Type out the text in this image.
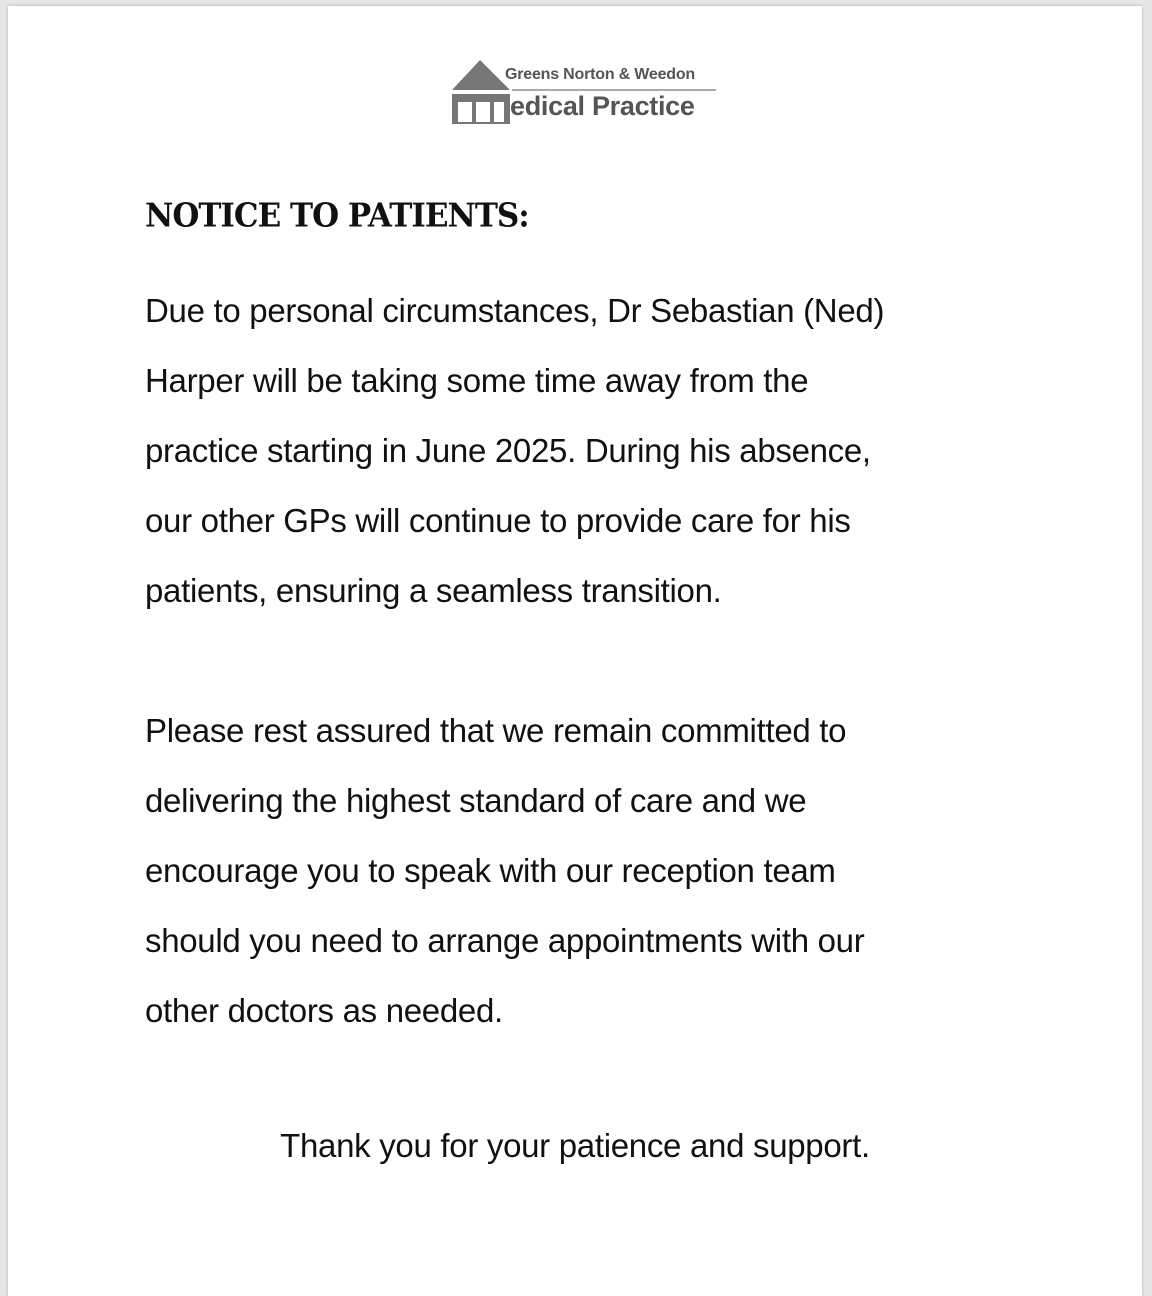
Greens Norton & Weedon
edical Practice
NOTICE TO PATIENTS:

Due to personal circumstances, Dr Sebastian (Ned)
Harper will be taking some time away from the
practice starting in June 2025. During his absence,
our other GPs will continue to provide care for his
patients, ensuring a seamless transition.

Please rest assured that we remain committed to
delivering the highest standard of care and we
encourage you to speak with our reception team
should you need to arrange appointments with our
other doctors as needed.

Thank you for your patience and support.
